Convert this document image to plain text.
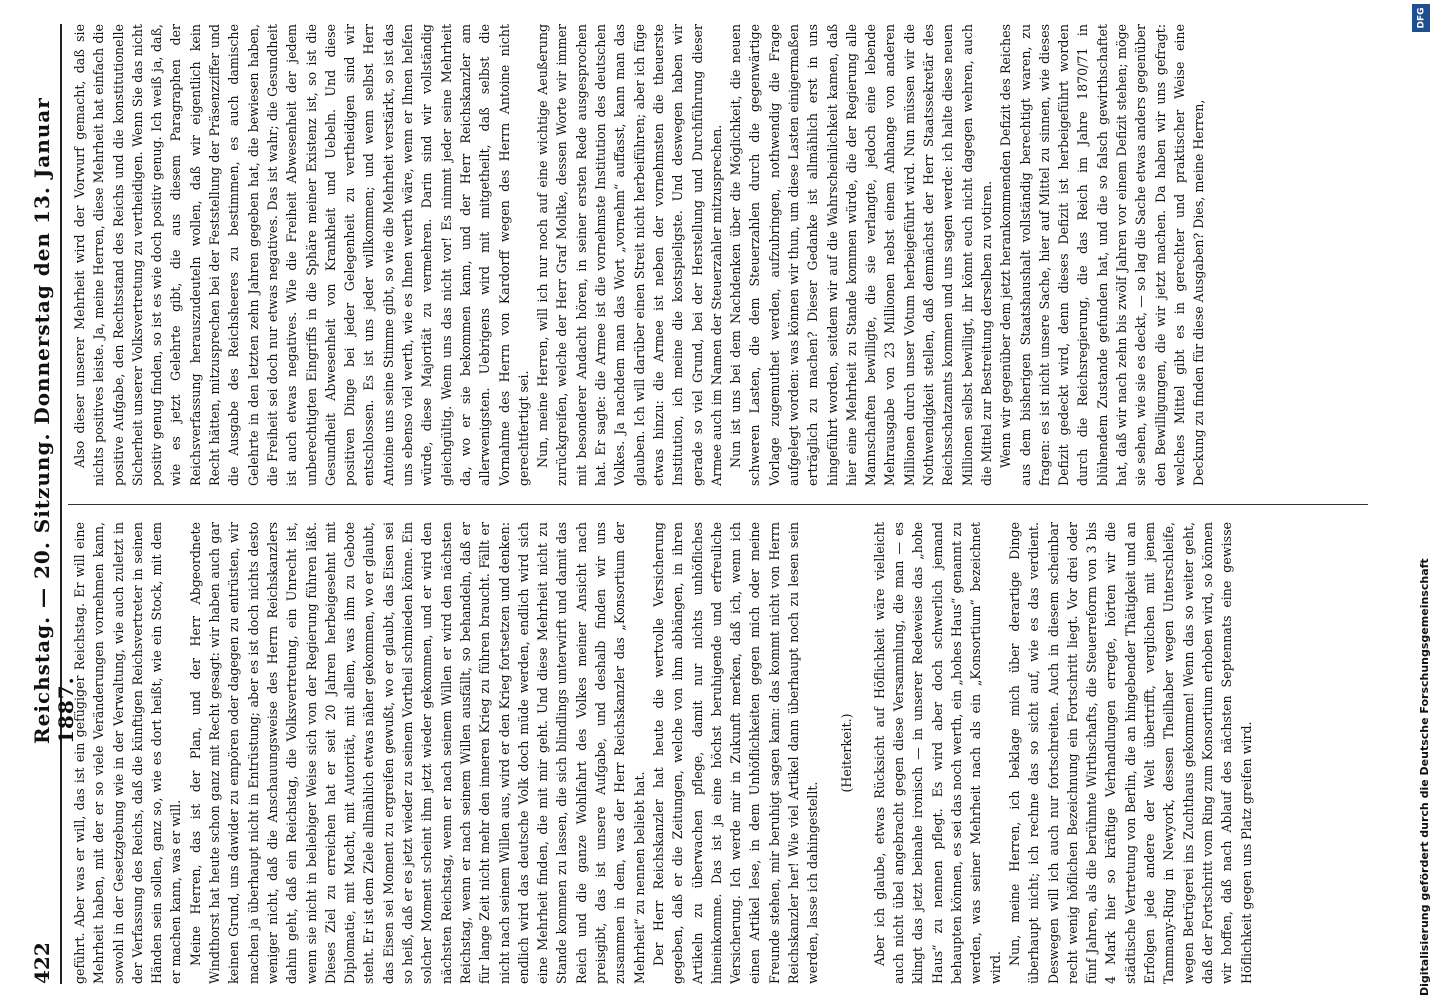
422
Reichstag. — 20. Sitzung. Donnerstag den 13. Januar 1887.

geführt. Aber was er will, das ist ein gefügiger Reichstag. Er will eine Mehrheit haben, mit der er so viele Veränderungen vornehmen kann, sowohl in der Gesetzgebung wie in der Verwaltung, wie auch zuletzt in der Verfassung des Reichs, daß die künftigen Reichsvertreter in seinen Händen sein sollen, ganz so, wie es dort heißt, wie ein Stock, mit dem er machen kann, was er will. Meine Herren, das ist der Plan, und der Herr Abgeordnete Windthorst hat heute schon ganz mit Recht gesagt: wir haben auch gar keinen Grund, uns dawider zu empören oder dagegen zu entrüsten, wir machen ja überhaupt nicht in Entrüstung; aber es ist doch nichts desto weniger nicht, daß die Anschauungsweise des Herrn Reichskanzlers dahin geht, daß ein Reichstag, die Volksvertretung, ein Unrecht ist, wenn sie nicht in beliebiger Weise sich von der Regierung führen läßt. Dieses Ziel zu erreichen hat er seit 20 Jahren herbeigesehnt mit Diplomatie, mit Macht, mit Autorität, mit allem, was ihm zu Gebote steht. Er ist dem Ziele allmählich etwas näher gekommen, wo er glaubt, das Eisen sei Moment zu ergreifen gewußt, wo er glaubt, das Eisen sei so heiß, daß er es jetzt wieder zu seinem Vortheil schmieden könne. Ein solcher Moment scheint ihm jetzt wieder gekommen, und er wird den nächsten Reichstag, wenn er nach seinem Willen er wird den nächsten Reichstag, wenn er nach seinem Willen ausfällt, so behandeln, daß er für lange Zeit nicht mehr den inneren Krieg zu führen braucht. Fällt er nicht nach seinem Willen aus, wird er den Krieg fortsetzen und denken: endlich wird das deutsche Volk doch müde werden, endlich wird sich eine Mehrheit finden, die mit mir geht. Und diese Mehrheit nicht zu Stande kommen zu lassen, die sich blindlings unterwirft und damit das Reich und die ganze Wohlfahrt des Volkes meiner Ansicht nach preisgibt, das ist unsere Aufgabe, und deshalb finden wir uns zusammen in dem, was der Herr Reichskanzler das „Konsortium der Mehrheit“ zu nennen beliebt hat. Der Herr Reichskanzler hat heute die wertvolle Versicherung gegeben, daß er die Zeitungen, welche von ihm abhängen, in ihren Artikeln zu überwachen pflege, damit nur nichts unhöfliches hineinkomme. Das ist ja eine höchst beruhigende und erfreuliche Versicherung. Ich werde mir in Zukunft merken, daß ich, wenn ich einen Artikel lese, in dem Unhöflichkeiten gegen mich oder meine Freunde stehen, mir beruhigt sagen kann: das kommt nicht von Herrn Reichskanzler her! Wie viel Artikel dann überhaupt noch zu lesen sein werden, lasse ich dahingestellt.

(Heiterkeit.) Aber ich glaube, etwas Rücksicht auf Höflichkeit wäre vielleicht auch nicht übel angebracht gegen diese Versammlung, die man — es klingt das jetzt beinahe ironisch — in unserer Redeweise das „hohe Haus“ zu nennen pflegt. Es wird aber doch schwerlich jemand behaupten können, es sei das noch werth, ein „hohes Haus“ genannt zu werden, was seiner Mehrheit nach als ein „Konsortium“ bezeichnet wird.

Nun, meine Herren, ich beklage mich über derartige Dinge überhaupt nicht; ich rechne das so sicht auf, wie es das verdient. Deswegen will ich auch nur fortschreiten. Auch in diesem scheinbar recht wenig höflichen Bezeichnung ein Fortschritt liegt. Vor drei oder fünf Jahren, als die berühmte Wirthschafts, die Steuerreform von 3 bis 4 Mark hier so kräftige Verhandlungen erregte, hörten wir die städtische Vertretung von Berlin, die an hingebender Thätigkeit und an Erfolgen jede andere der Welt übertrifft, verglichen mit jenem Tammany-Ring in Newyork, dessen Theilhaber wegen Unterschleife, wegen Betrügerei ins Zuchthaus gekommen! Wenn das so weiter geht, daß der Fortschritt vom Ring zum Konsortium erhoben wird, so können wir hoffen, daß nach Ablauf des nächsten Septennats eine gewisse Höflichkeit gegen uns Platz greifen wird.

Also dieser unserer Mehrheit wird der Vorwurf gemacht, daß sie nichts positives leiste. Ja, meine Herren, diese Mehrheit hat einfach die positive Aufgabe, den Rechtsstand des Reichs und die konstitutionelle Sicherheit unserer Volksvertretung zu vertheidigen. Wenn Sie das nicht positiv genug finden, so ist es wie doch positiv genug. Ich weiß ja, daß, wie es jetzt Gelehrte gibt, die aus diesem Paragraphen der Reichsverfassung herauszudeuteln wollen, daß wir eigentlich kein Recht hätten, mitzusprechen bei der Feststellung der Präsenzziffer und die Ausgabe des Reichsheeres zu bestimmen, es auch damische Gelehrte in den letzten zehn Jahren gegeben hat, die bewiesen haben, die Freiheit sei doch nur etwas negatives. Das ist wahr; die Gesundheit ist auch etwas negatives. Wie die Freiheit Abwesenheit der jedem unberechtigten Eingriffs in die Sphäre meiner Existenz ist, so ist die Gesundheit Abwesenheit von Krankheit und Uebeln. Und diese positiven Dinge bei jeder Gelegenheit zu vertheidigen sind wir entschlossen. Es ist uns jeder willkommen; und wenn selbst Herr Antoine uns seine Stimme gibt, so wie die Mehrheit verstärkt, so ist das uns ebenso viel werth, wie es Ihnen werth wäre, wenn er Ihnen helfen würde, diese Majorität zu vermehren. Darin sind wir vollständig gleichgültig. Wenn uns das nicht vor! Es nimmt jeder seine Mehrheit da, wo er sie bekommen kann, und der Herr Reichskanzler am allerwenigsten. Uebrigens wird mit mitgetheilt, daß selbst die Vornahme des Herrn von Kardorff wegen des Herrn Antoine nicht gerechtfertigt sei. Nun, meine Herren, will ich nur noch auf eine wichtige Aeußerung zurückgreifen, welche der Herr Graf Moltke, dessen Worte wir immer mit besonderer Andacht hören, in seiner ersten Rede ausgesprochen hat. Er sagte: die Armee ist die vornehmste Institution des deutschen Volkes. Ja nachdem man das Wort „vornehm“ auffasst, kann man das glauben. Ich will darüber einen Streit nicht herbeiführen; aber ich füge etwas hinzu: die Armee ist neben der vornehmsten die theuerste Institution, ich meine die kostspieligste. Und deswegen haben wir gerade so viel Grund, bei der Herstellung und Durchführung dieser Armee auch im Namen der Steuerzahler mitzusprechen. Nun ist uns bei dem Nachdenken über die Möglichkeit, die neuen schweren Lasten, die dem Steuerzahlen durch die gegenwärtige Vorlage zugemuthet werden, aufzubringen, nothwendig die Frage aufgelegt worden: was können wir thun, um diese Lasten einigermaßen erträglich zu machen? Dieser Gedanke ist allmählich erst in uns hingeführt worden, seitdem wir auf die Wahrscheinlichkeit kamen, daß hier eine Mehrheit zu Stande kommen würde, die der Regierung alle Mannschaften bewilligte, die sie verlangte, jedoch eine lebende Mehrausgabe von 23 Millionen nebst einem Anhange von anderen Millionen durch unser Votum herbeigeführt wird. Nun müssen wir die Nothwendigkeit stellen, daß demnächst der Herr Staatssekretär des Reichsschatzamts kommen und uns sagen werde: ich halte diese neuen Millionen selbst bewilligt, ihr könnt euch nicht dagegen wehren, auch die Mittel zur Bestreitung derselben zu votiren. Wenn wir gegenüber dem jetzt herankommenden Defizit des Reiches aus dem bisherigen Staatshaushalt vollständig berechtigt waren, zu fragen: es ist nicht unsere Sache, hier auf Mittel zu sinnen, wie dieses Defizit gedeckt wird, denn dieses Defizit ist herbeigeführt worden durch die Reichsregierung, die das Reich im Jahre 1870/71 in blühendem Zustande gefunden hat, und die so falsch gewirthschaftet hat, daß wir nach zehn bis zwölf Jahren vor einem Defizit stehen; möge sie sehen, wie sie es deckt, — so lag die Sache etwas anders gegenüber den Bewilligungen, die wir jetzt machen. Da haben wir uns gefragt: welches Mittel gibt es in gerechter und praktischer Weise eine Deckung zu finden für diese Ausgaben? Dies, meine Herren,

Digitalisierung gefördert durch die Deutsche Forschungsgemeinschaft
DFG
